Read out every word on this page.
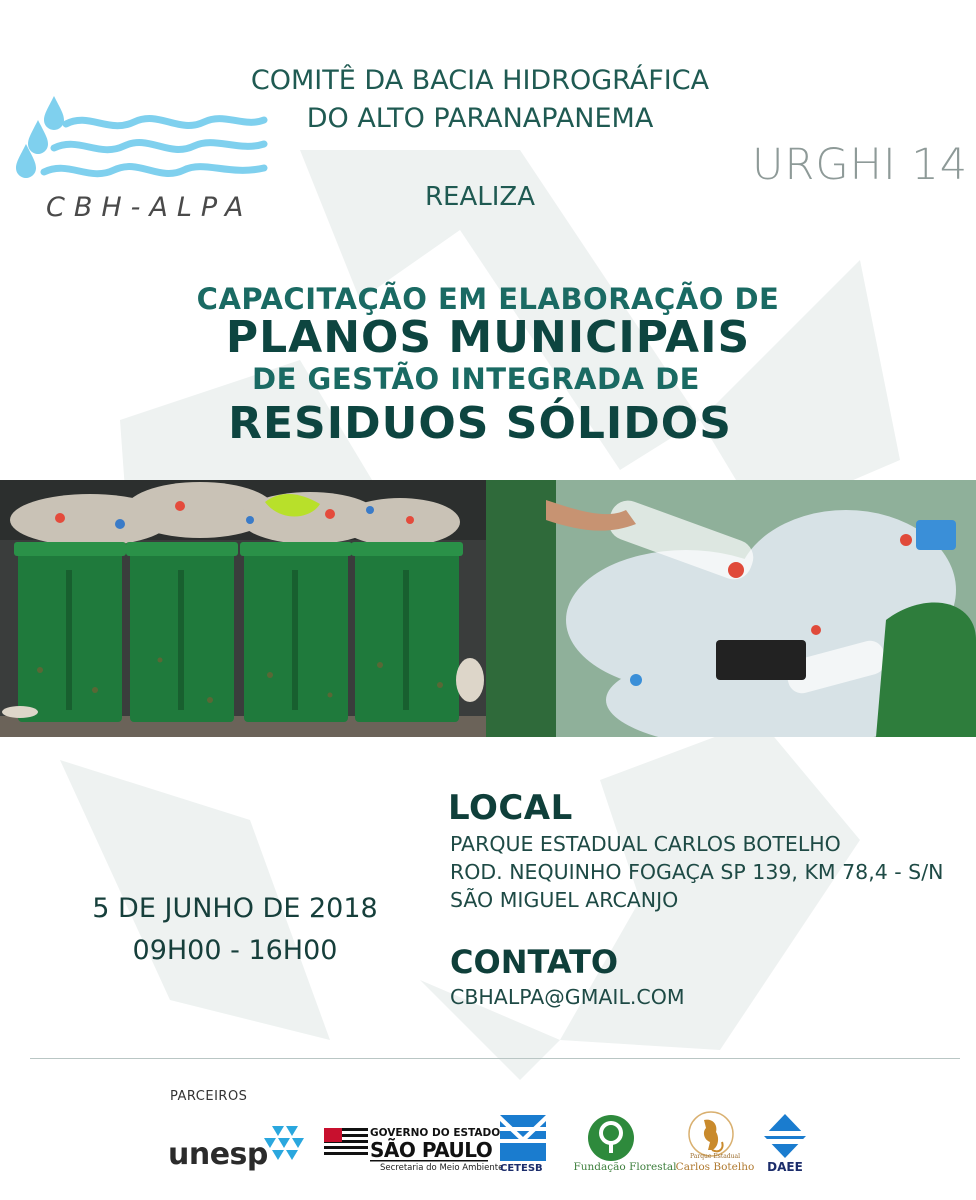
CBH-ALPA
COMITÊ DA BACIA HIDROGRÁFICA
DO ALTO PARANAPANEMA
URGHI 14
REALIZA
CAPACITAÇÃO EM ELABORAÇÃO DE
PLANOS MUNICIPAIS
DE GESTÃO INTEGRADA DE
RESIDUOS SÓLIDOS
5 DE JUNHO DE 2018
09H00 - 16H00
LOCAL
PARQUE ESTADUAL CARLOS BOTELHO
ROD. NEQUINHO FOGAÇA SP 139, KM 78,4 - S/N
SÃO MIGUEL ARCANJO
CONTATO
CBHALPA@GMAIL.COM
PARCEIROS
unesp
GOVERNO DO ESTADO
SÃO PAULO
Secretaria do Meio Ambiente
CETESB	Fundação Florestal
Parque Estadual
Carlos Botelho	DAEE
